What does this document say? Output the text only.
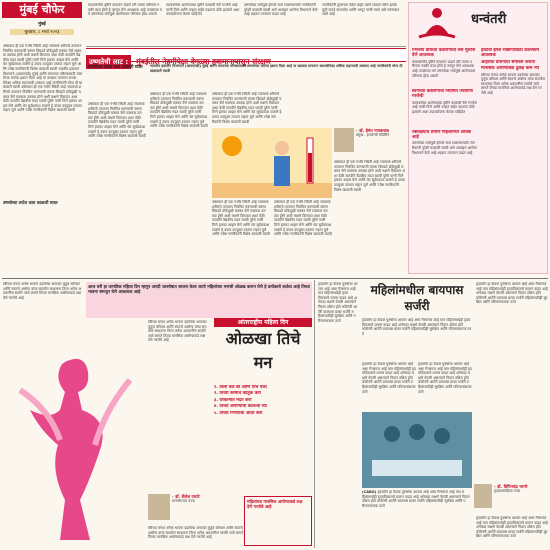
मुंबई चौफेर
मुंबई
बुधवार, ८ मार्च २०२३
उष्माघात ही एक गंभीर स्थिती आहे ज्यामध्ये शरीराचे तापमान नियंत्रित करण्याची यंत्रणा बिघडते डोकेदुखी चक्कर येणे मळमळ उलट्या होणे अशी लक्षणे दिसतात अशा वेळी तातडीने वैद्यकीय मदत घ्यावी पुरेसे पाणी पिणे हलका आहार घेणे आणि थेट सूर्यप्रकाश टाळणे हे उपाय उपयुक्त ठरतात लहान मुले आणि ज्येष्ठ नागरिकांनी विशेष काळजी घ्यावी भारतीय हवामान विभागाने (आयएमडी) मुंबई आणि लगतच्या परिसरासाठी उष्णतेच्या लाटेचा इशारा दिला आहे या काळात तापमान सरासरीपेक्षा अधिक राहण्याची शक्यता आहे नागरिकांनी योग्य ती खबरदारी घ्यावी उष्माघात ही एक गंभीर स्थिती आहे ज्यामध्ये शरीराचे तापमान नियंत्रित करण्याची यंत्रणा बिघडते डोकेदुखी चक्कर येणे मळमळ उलट्या होणे अशी लक्षणे दिसतात अशा वेळी तातडीने वैद्यकीय मदत घ्यावी पुरेसे पाणी पिणे हलका आहार घेणे आणि थेट सूर्यप्रकाश टाळणे हे उपाय उपयुक्त ठरतात लहान मुले आणि ज्येष्ठ नागरिकांनी विशेष काळजी घ्यावी
उष्णतेच्या लाटेत काय काळजी घ्याल
वातावरणीय दृष्टिने तापमान वाढले तरी त्याचा परिणाम नक्की काय होतो हे जाणून घेणे आवश्यक आहे तज्ज्ञांच्या मते उष्णतेच्या लाटेमुळे आरोग्यावर परिणाम होऊ शकतो
त्याचबरोबर आरोग्याच्या दृष्टीने काळजी घेणे गरजेचे आहे पाणी पिणे आणि उन्हात बाहेर पडताना डोके झाकणे अशा उपाययोजना केल्या पाहिजेत
उष्णतेच्या लाटेमुळे होणारे त्रास टाळण्यासाठी नागरिकांनी पुरेशी काळजी घ्यावी असे आवाहन आरोग्य विभागाने केले आहे शहरात तापमान वाढत आहे
नागरिकांनी दुपारच्या वेळेत बाहेर पडणे टाळावे तसेच हलके सुती कपडे वापरावेत आणि भरपूर पाणी प्यावे असे सांगण्यात आले आहे	धन्वंतरी
गर्भाशय ग्रीवेच्या कर्करोगाची लस मुलींना देणे आवश्यक
वातावरणीय दृष्टिने तापमान वाढले तरी त्याचा परिणाम नक्की काय होतो हे जाणून घेणे आवश्यक आहे तज्ज्ञांच्या मते उष्णतेच्या लाटेमुळे आरोग्यावर परिणाम होऊ शकतो
स्तनाच्या कर्करोगाची नियमित तपासणी गरजेची
त्याचबरोबर आरोग्याच्या दृष्टीने काळजी घेणे गरजेचे आहे पाणी पिणे आणि उन्हात बाहेर पडताना डोके झाकणे अशा उपाययोजना केल्या पाहिजेत
रक्ताक्षयाचे प्रमाण महिलांमध्ये अधिक आहे
उष्णतेच्या लाटेमुळे होणारे त्रास टाळण्यासाठी नागरिकांनी पुरेशी काळजी घ्यावी असे आवाहन आरोग्य विभागाने केले आहे शहरात तापमान वाढत आहे
हाडांची झीज रोखण्यासाठी कॅल्शियम आवश्यक
आहारात प्रथिनांचा समावेश करावा
मानसिक आरोग्याकडे दुर्लक्ष करू नये
स्त्रीच्या मनात अनेक भावना दडलेल्या असतात कुटुंब करिअर आणि स्वतःचे आरोग्य यांचा समतोल साधताना तिला अनेक अडचणींना सामोरे जावे लागते तिच्या मानसिक आरोग्याकडे लक्ष देणे गरजेचे आहे
उष्णतेची लाट : मुंबईतील नेहमीपेक्षा वेगळ्या हवामानापासून संरक्षण
उष्णतेच्या लाटेत काय काळजी घ्याल
उष्माघात ही एक गंभीर स्थिती आहे ज्यामध्ये शरीराचे तापमान नियंत्रित करण्याची यंत्रणा बिघडते डोकेदुखी चक्कर येणे मळमळ उलट्या होणे अशी लक्षणे दिसतात अशा वेळी तातडीने वैद्यकीय मदत घ्यावी पुरेसे पाणी पिणे हलका आहार घेणे आणि थेट सूर्यप्रकाश टाळणे हे उपाय उपयुक्त ठरतात लहान मुले आणि ज्येष्ठ नागरिकांनी विशेष काळजी घ्यावी
भारतीय हवामान विभागाने (आयएमडी) मुंबई आणि लगतच्या परिसरासाठी उष्णतेच्या लाटेचा इशारा दिला आहे या काळात तापमान सरासरीपेक्षा अधिक राहण्याची शक्यता आहे नागरिकांनी योग्य ती खबरदारी घ्यावी
उष्माघात ही एक गंभीर स्थिती आहे ज्यामध्ये शरीराचे तापमान नियंत्रित करण्याची यंत्रणा बिघडते डोकेदुखी चक्कर येणे मळमळ उलट्या होणे अशी लक्षणे दिसतात अशा वेळी तातडीने वैद्यकीय मदत घ्यावी पुरेसे पाणी पिणे हलका आहार घेणे आणि थेट सूर्यप्रकाश टाळणे हे उपाय उपयुक्त ठरतात लहान मुले आणि ज्येष्ठ नागरिकांनी विशेष काळजी घ्यावी
उष्माघात ही एक गंभीर स्थिती आहे ज्यामध्ये शरीराचे तापमान नियंत्रित करण्याची यंत्रणा बिघडते डोकेदुखी चक्कर येणे मळमळ उलट्या होणे अशी लक्षणे दिसतात अशा वेळी तातडीने वैद्यकीय मदत घ्यावी पुरेसे पाणी पिणे हलका आहार घेणे आणि थेट सूर्यप्रकाश टाळणे हे उपाय उपयुक्त ठरतात लहान मुले आणि ज्येष्ठ नागरिकांनी विशेष काळजी घ्यावी
- डॉ. हेमंत गायकवाड
प्रमुख - इमर्जन्सी मेडिसिन
उष्माघात ही एक गंभीर स्थिती आहे ज्यामध्ये शरीराचे तापमान नियंत्रित करण्याची यंत्रणा बिघडते डोकेदुखी चक्कर येणे मळमळ उलट्या होणे अशी लक्षणे दिसतात अशा वेळी तातडीने वैद्यकीय मदत घ्यावी पुरेसे पाणी पिणे हलका आहार घेणे आणि थेट सूर्यप्रकाश टाळणे हे उपाय उपयुक्त ठरतात लहान मुले आणि ज्येष्ठ नागरिकांनी विशेष काळजी घ्यावी
उष्माघात ही एक गंभीर स्थिती आहे ज्यामध्ये शरीराचे तापमान नियंत्रित करण्याची यंत्रणा बिघडते डोकेदुखी चक्कर येणे मळमळ उलट्या होणे अशी लक्षणे दिसतात अशा वेळी तातडीने वैद्यकीय मदत घ्यावी पुरेसे पाणी पिणे हलका आहार घेणे आणि थेट सूर्यप्रकाश टाळणे हे उपाय उपयुक्त ठरतात लहान मुले आणि ज्येष्ठ नागरिकांनी विशेष काळजी घ्यावी
उष्माघात ही एक गंभीर स्थिती आहे ज्यामध्ये शरीराचे तापमान नियंत्रित करण्याची यंत्रणा बिघडते डोकेदुखी चक्कर येणे मळमळ उलट्या होणे अशी लक्षणे दिसतात अशा वेळी तातडीने वैद्यकीय मदत घ्यावी पुरेसे पाणी पिणे हलका आहार घेणे आणि थेट सूर्यप्रकाश टाळणे हे उपाय उपयुक्त ठरतात लहान मुले आणि ज्येष्ठ नागरिकांनी विशेष काळजी घ्यावी
स्त्रीच्या मनात अनेक भावना दडलेल्या असतात कुटुंब करिअर आणि स्वतःचे आरोग्य यांचा समतोल साधताना तिला अनेक अडचणींना सामोरे जावे लागते तिच्या मानसिक आरोग्याकडे लक्ष देणे गरजेचे आहे
आज घरी हा जागतिक महिला दिन म्हणून अगदी जल्लोषात साजरा केला जातो महिलांच्या मनाची ओळख करून घेणे हे प्रत्येकाचे कर्तव्य आहे तिच्या भावना समजून घेणे आवश्यक आहे
आंतरराष्ट्रीय महिला दिन
ओळखा तिचे मन
स्त्रीच्या मनात अनेक भावना दडलेल्या असतात कुटुंब करिअर आणि स्वतःचे आरोग्य यांचा समतोल साधताना तिला अनेक अडचणींना सामोरे जावे लागते तिच्या मानसिक आरोग्याकडे लक्ष देणे गरजेचे आहे
१. तिला वेळ द्या आणि तिचे ऐका
२. तिच्या कामाचे कौतुक करा
३. घरकामात मदत करा
४. तिच्या आरोग्याची काळजी घ्या
५. तिच्या निर्णयाचा आदर करा
- डॉ. शैलेश उमाटे
मानसोपचार तज्ज्ञ	महिलांच्या मानसिक आरोग्याकडे लक्ष देणे गरजेचे आहे
स्त्रीच्या मनात अनेक भावना दडलेल्या असतात कुटुंब करिअर आणि स्वतःचे आरोग्य यांचा समतोल साधताना तिला अनेक अडचणींना सामोरे जावे लागते तिच्या मानसिक आरोग्याकडे लक्ष देणे गरजेचे आहे
हृदयरोग हा केवळ पुरुषांचा आजार आहे असा गैरसमज आहे मात्र महिलांमध्येही हृदयविकाराचे प्रमाण वाढत आहे अनेकदा लक्षणे वेगळी असल्याने निदान उशिरा होते कोरोनरी आर्टरी बायपास ग्राफ्ट सर्जरी महिलांसाठीही सुरक्षित आणि परिणामकारक ठरते
महिलांमधील बायपास सर्जरी
हृदयरोग हा केवळ पुरुषांचा आजार आहे असा गैरसमज आहे मात्र महिलांमध्येही हृदयविकाराचे प्रमाण वाढत आहे अनेकदा लक्षणे वेगळी असल्याने निदान उशिरा होते कोरोनरी आर्टरी बायपास ग्राफ्ट सर्जरी महिलांसाठीही सुरक्षित आणि परिणामकारक ठरते
हृदयरोग हा केवळ पुरुषांचा आजार आहे असा गैरसमज आहे मात्र महिलांमध्येही हृदयविकाराचे प्रमाण वाढत आहे अनेकदा लक्षणे वेगळी असल्याने निदान उशिरा होते कोरोनरी आर्टरी बायपास ग्राफ्ट सर्जरी महिलांसाठीही सुरक्षित आणि परिणामकारक ठरते
हृदयरोग हा केवळ पुरुषांचा आजार आहे असा गैरसमज आहे मात्र महिलांमध्येही हृदयविकाराचे प्रमाण वाढत आहे अनेकदा लक्षणे वेगळी असल्याने निदान उशिरा होते कोरोनरी आर्टरी बायपास ग्राफ्ट सर्जरी महिलांसाठीही सुरक्षित आणि परिणामकारक ठरते
- डॉ. बिपिनचंद्र भामरे
हृदयशस्त्रक्रिया तज्ज्ञ
(CABG) हृदयरोग हा केवळ पुरुषांचा आजार आहे असा गैरसमज आहे मात्र महिलांमध्येही हृदयविकाराचे प्रमाण वाढत आहे अनेकदा लक्षणे वेगळी असल्याने निदान उशिरा होते कोरोनरी आर्टरी बायपास ग्राफ्ट सर्जरी महिलांसाठीही सुरक्षित आणि परिणामकारक ठरते
हृदयरोग हा केवळ पुरुषांचा आजार आहे असा गैरसमज आहे मात्र महिलांमध्येही हृदयविकाराचे प्रमाण वाढत आहे अनेकदा लक्षणे वेगळी असल्याने निदान उशिरा होते कोरोनरी आर्टरी बायपास ग्राफ्ट सर्जरी महिलांसाठीही सुरक्षित आणि परिणामकारक ठरते
हृदयरोग हा केवळ पुरुषांचा आजार आहे असा गैरसमज आहे मात्र महिलांमध्येही हृदयविकाराचे प्रमाण वाढत आहे अनेकदा लक्षणे वेगळी असल्याने निदान उशिरा होते कोरोनरी आर्टरी बायपास ग्राफ्ट सर्जरी महिलांसाठीही सुरक्षित आणि परिणामकारक ठरते
